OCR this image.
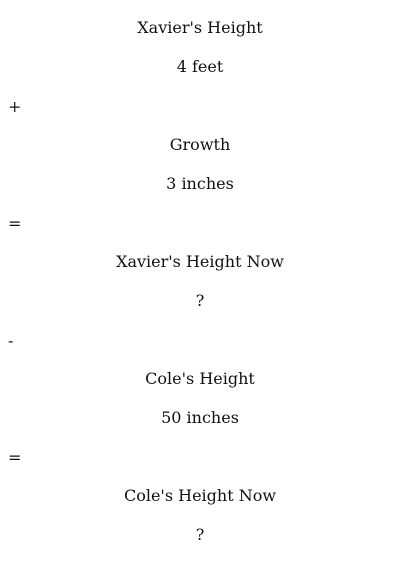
Xavier's Height
4 feet
+
Growth
3 inches
=
Xavier's Height Now
?
-
Cole's Height
50 inches
=
Cole's Height Now
?
